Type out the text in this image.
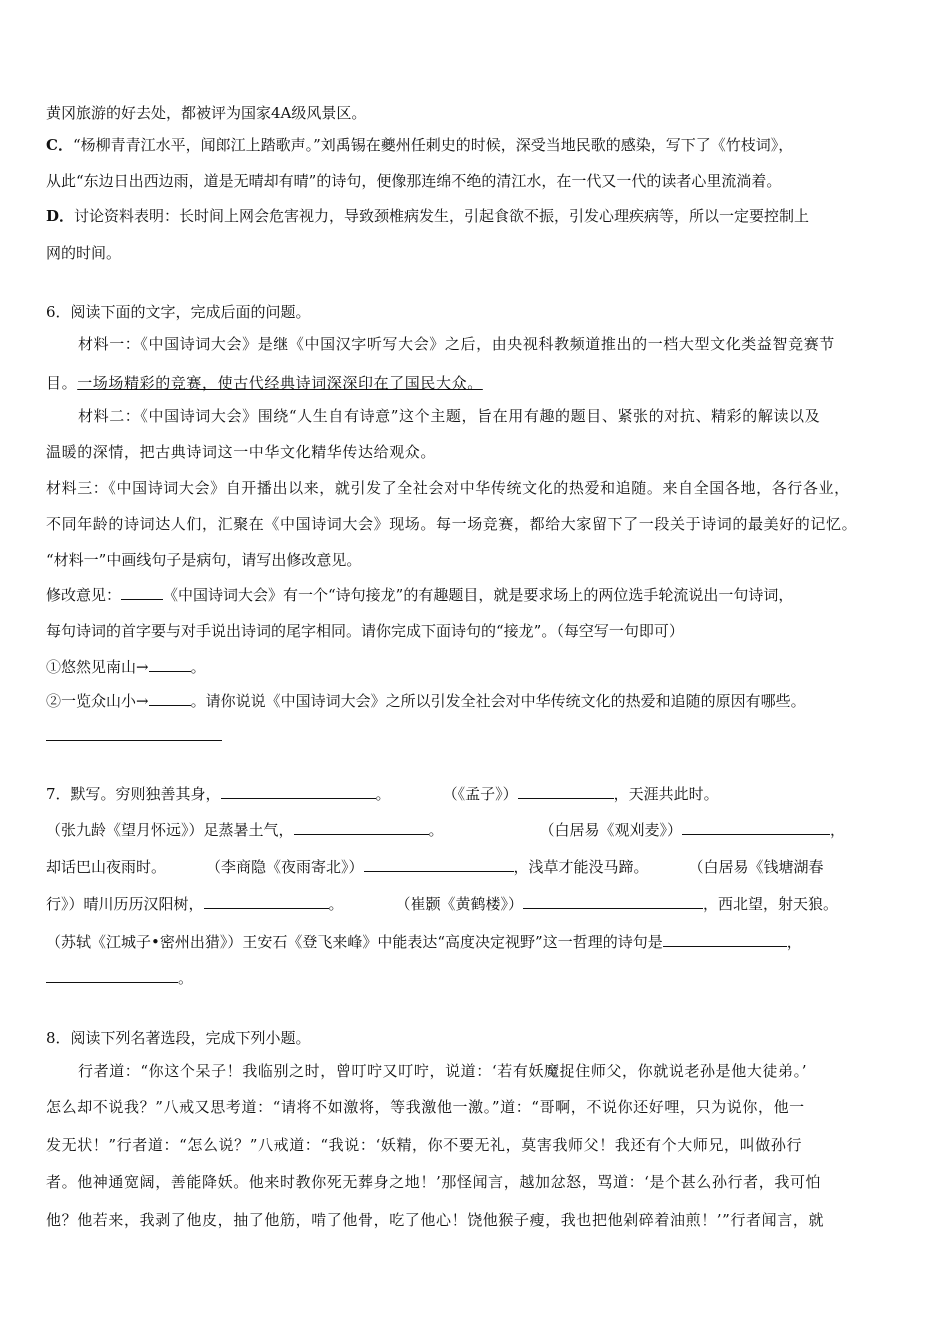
黄冈旅游的好去处，都被评为国家4A级风景区。
C．“杨柳青青江水平，闻郎江上踏歌声。”刘禹锡在夔州任刺史的时候，深受当地民歌的感染，写下了《竹枝词》，
从此“东边日出西边雨，道是无晴却有晴”的诗句，便像那连绵不绝的清江水，在一代又一代的读者心里流淌着。
D．讨论资料表明：长时间上网会危害视力，导致颈椎病发生，引起食欲不振，引发心理疾病等，所以一定要控制上
网的时间。
6．阅读下面的文字，完成后面的问题。
材料一：《中国诗词大会》是继《中国汉字听写大会》之后，由央视科教频道推出的一档大型文化类益智竞赛节
目。一场场精彩的竞赛，使古代经典诗词深深印在了国民大众。
材料二：《中国诗词大会》围绕“人生自有诗意”这个主题，旨在用有趣的题目、紧张的对抗、精彩的解读以及
温暖的深情，把古典诗词这一中华文化精华传达给观众。
材料三：《中国诗词大会》自开播出以来，就引发了全社会对中华传统文化的热爱和追随。来自全国各地，各行各业，
不同年龄的诗词达人们，汇聚在《中国诗词大会》现场。每一场竞赛，都给大家留下了一段关于诗词的最美好的记忆。
“材料一”中画线句子是病句，请写出修改意见。
修改意见：	《中国诗词大会》有一个“诗句接龙”的有趣题目，就是要求场上的两位选手轮流说出一句诗词，
每句诗词的首字要与对手说出诗词的尾字相同。请你完成下面诗句的“接龙”。（每空写一句即可）
①悠然见南山→	。
②一览众山小→	。请你说说《中国诗词大会》之所以引发全社会对中华传统文化的热爱和追随的原因有哪些。
7．默写。穷则独善其身，	。	（《孟子》）	，天涯共此时。
（张九龄《望月怀远》）足蒸暑土气，	。	（白居易《观刈麦》）	，
却话巴山夜雨时。	（李商隐《夜雨寄北》）	，浅草才能没马蹄。	（白居易《钱塘湖春
行》）晴川历历汉阳树，	。	（崔颢《黄鹤楼》）	，西北望，射天狼。
（苏轼《江城子•密州出猎》）王安石《登飞来峰》中能表达“高度决定视野”这一哲理的诗句是	，
。
8．阅读下列名著选段，完成下列小题。
行者道：“你这个呆子！我临别之时，曾叮咛又叮咛，说道：‘若有妖魔捉住师父，你就说老孙是他大徒弟。’
怎么却不说我？”八戒又思考道：“请将不如激将，等我激他一激。”道：“哥啊，不说你还好哩，只为说你，他一
发无状！”行者道：“怎么说？”八戒道：“我说：‘妖精，你不要无礼，莫害我师父！我还有个大师兄，叫做孙行
者。他神通宽阔，善能降妖。他来时教你死无葬身之地！’那怪闻言，越加忿怒，骂道：‘是个甚么孙行者，我可怕
他？他若来，我剥了他皮，抽了他筋，啃了他骨，吃了他心！饶他猴子瘦，我也把他剁碎着油煎！’”行者闻言，就
